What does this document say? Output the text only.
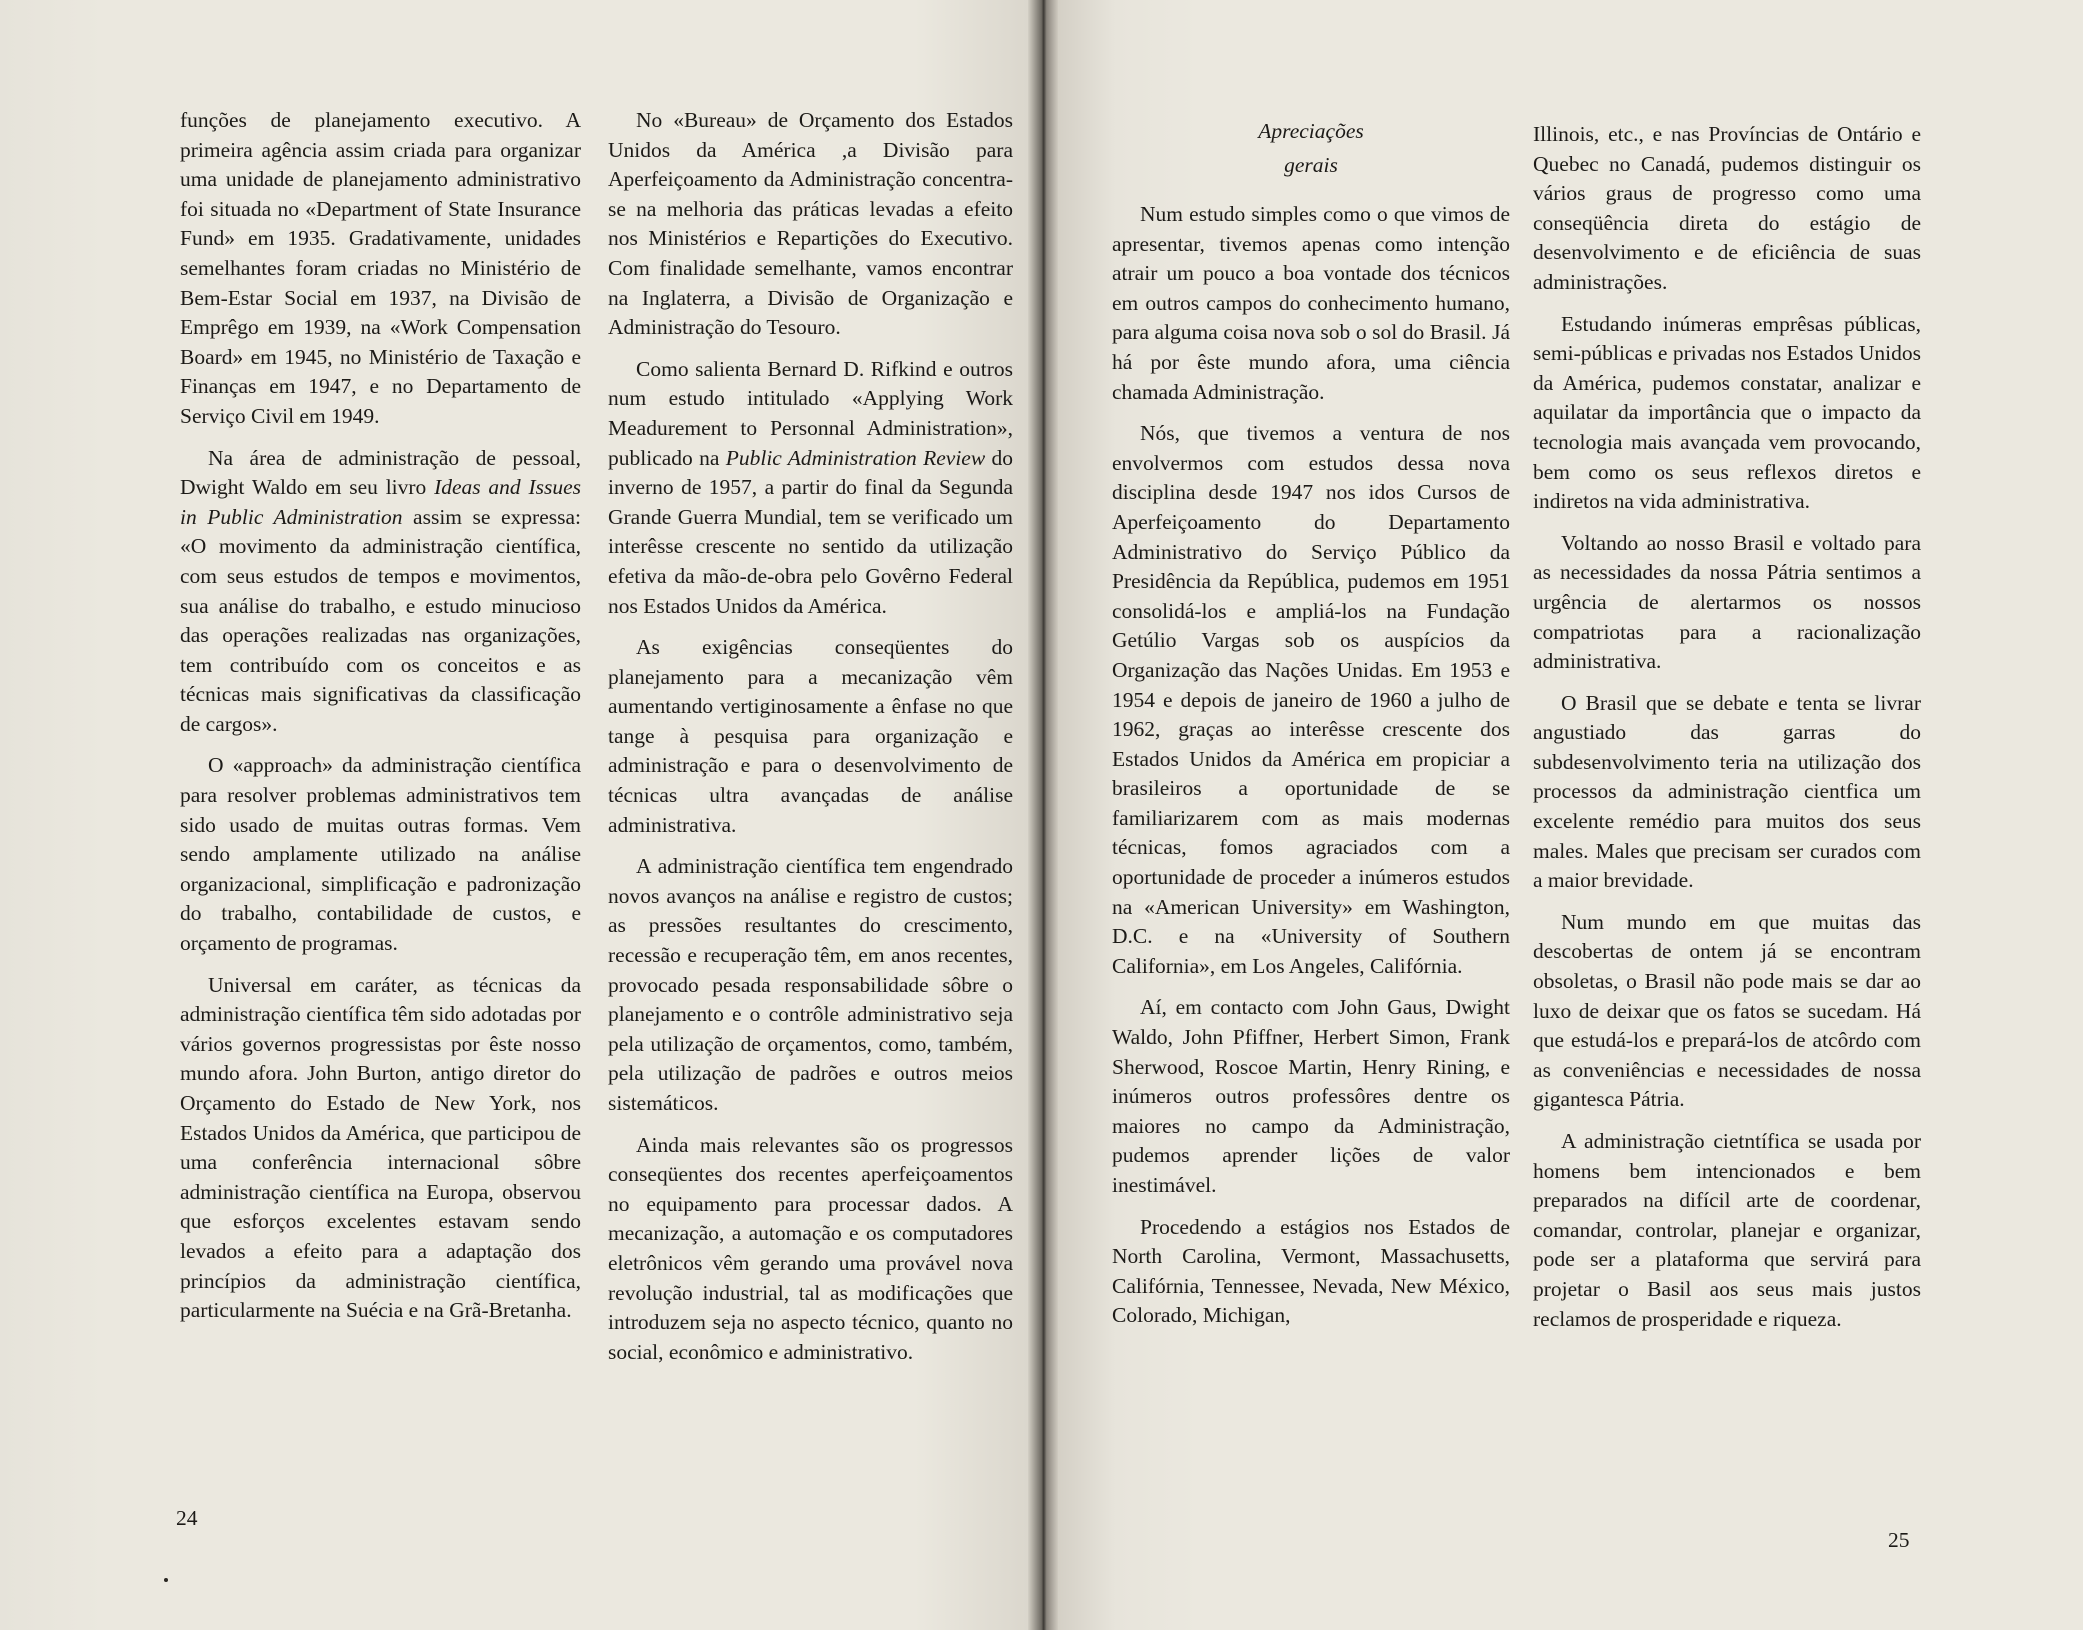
funções de planejamento executivo. A primeira agência assim criada para organizar uma unidade de planejamento administrativo foi situada no «Department of State Insurance Fund» em 1935. Gradativamente, unidades semelhantes foram criadas no Ministério de Bem-Estar Social em 1937, na Divisão de Emprêgo em 1939, na «Work Compensation Board» em 1945, no Ministério de Taxação e Finanças em 1947, e no Departamento de Serviço Civil em 1949.

Na área de administração de pessoal, Dwight Waldo em seu livro Ideas and Issues in Public Administration assim se expressa: «O movimento da administração científica, com seus estudos de tempos e movimentos, sua análise do trabalho, e estudo minucioso das operações realizadas nas organizações, tem contribuído com os conceitos e as técnicas mais significativas da classificação de cargos».

O «approach» da administração científica para resolver problemas administrativos tem sido usado de muitas outras formas. Vem sendo amplamente utilizado na análise organizacional, simplificação e padronização do trabalho, contabilidade de custos, e orçamento de programas.

Universal em caráter, as técnicas da administração científica têm sido adotadas por vários governos progressistas por êste nosso mundo afora. John Burton, antigo diretor do Orçamento do Estado de New York, nos Estados Unidos da América, que participou de uma conferência internacional sôbre administração científica na Europa, observou que esforços excelentes estavam sendo levados a efeito para a adaptação dos princípios da administração científica, particularmente na Suécia e na Grã-Bretanha.

No «Bureau» de Orçamento dos Estados Unidos da América ,a Divisão para Aperfeiçoamento da Administração concentra-se na melhoria das práticas levadas a efeito nos Ministérios e Repartições do Executivo. Com finalidade semelhante, vamos encontrar na Inglaterra, a Divisão de Organização e Administração do Tesouro.

Como salienta Bernard D. Rifkind e outros num estudo intitulado «Applying Work Meadurement to Personnal Administration», publicado na Public Administration Review do inverno de 1957, a partir do final da Segunda Grande Guerra Mundial, tem se verificado um interêsse crescente no sentido da utilização efetiva da mão-de-obra pelo Govêrno Federal nos Estados Unidos da América.

As exigências conseqüentes do planejamento para a mecanização vêm aumentando vertiginosamente a ênfase no que tange à pesquisa para organização e administração e para o desenvolvimento de técnicas ultra avançadas de análise administrativa.

A administração científica tem engendrado novos avanços na análise e registro de custos; as pressões resultantes do crescimento, recessão e recuperação têm, em anos recentes, provocado pesada responsabilidade sôbre o planejamento e o contrôle administrativo seja pela utilização de orçamentos, como, também, pela utilização de padrões e outros meios sistemáticos.

Ainda mais relevantes são os progressos conseqüentes dos recentes aperfeiçoamentos no equipamento para processar dados. A mecanização, a automação e os computadores eletrônicos vêm gerando uma provável nova revolução industrial, tal as modificações que introduzem seja no aspecto técnico, quanto no social, econômico e administrativo.

24
Apreciações
gerais

Num estudo simples como o que vimos de apresentar, tivemos apenas como intenção atrair um pouco a boa vontade dos técnicos em outros campos do conhecimento humano, para alguma coisa nova sob o sol do Brasil. Já há por êste mundo afora, uma ciência chamada Administração.

Nós, que tivemos a ventura de nos envolvermos com estudos dessa nova disciplina desde 1947 nos idos Cursos de Aperfeiçoamento do Departamento Administrativo do Serviço Público da Presidência da República, pudemos em 1951 consolidá-los e ampliá-los na Fundação Getúlio Vargas sob os auspícios da Organização das Nações Unidas. Em 1953 e 1954 e depois de janeiro de 1960 a julho de 1962, graças ao interêsse crescente dos Estados Unidos da América em propiciar a brasileiros a oportunidade de se familiarizarem com as mais modernas técnicas, fomos agraciados com a oportunidade de proceder a inúmeros estudos na «American University» em Washington, D.C. e na «University of Southern California», em Los Angeles, Califórnia.

Aí, em contacto com John Gaus, Dwight Waldo, John Pfiffner, Herbert Simon, Frank Sherwood, Roscoe Martin, Henry Rining, e inúmeros outros professôres dentre os maiores no campo da Administração, pudemos aprender lições de valor inestimável.

Procedendo a estágios nos Estados de North Carolina, Vermont, Massachusetts, Califórnia, Tennessee, Nevada, New México, Colorado, Michigan,

Illinois, etc., e nas Províncias de Ontário e Quebec no Canadá, pudemos distinguir os vários graus de progresso como uma conseqüência direta do estágio de desenvolvimento e de eficiência de suas administrações.

Estudando inúmeras emprêsas públicas, semi-públicas e privadas nos Estados Unidos da América, pudemos constatar, analizar e aquilatar da importância que o impacto da tecnologia mais avançada vem provocando, bem como os seus reflexos diretos e indiretos na vida administrativa.

Voltando ao nosso Brasil e voltado para as necessidades da nossa Pátria sentimos a urgência de alertarmos os nossos compatriotas para a racionalização administrativa.

O Brasil que se debate e tenta se livrar angustiado das garras do subdesenvolvimento teria na utilização dos processos da administração cientfica um excelente remédio para muitos dos seus males. Males que precisam ser curados com a maior brevidade.

Num mundo em que muitas das descobertas de ontem já se encontram obsoletas, o Brasil não pode mais se dar ao luxo de deixar que os fatos se sucedam. Há que estudá-los e prepará-los de atcôrdo com as conveniências e necessidades de nossa gigantesca Pátria.

A administração cietntífica se usada por homens bem intencionados e bem preparados na difícil arte de coordenar, comandar, controlar, planejar e organizar, pode ser a plataforma que servirá para projetar o Basil aos seus mais justos reclamos de prosperidade e riqueza.

25
